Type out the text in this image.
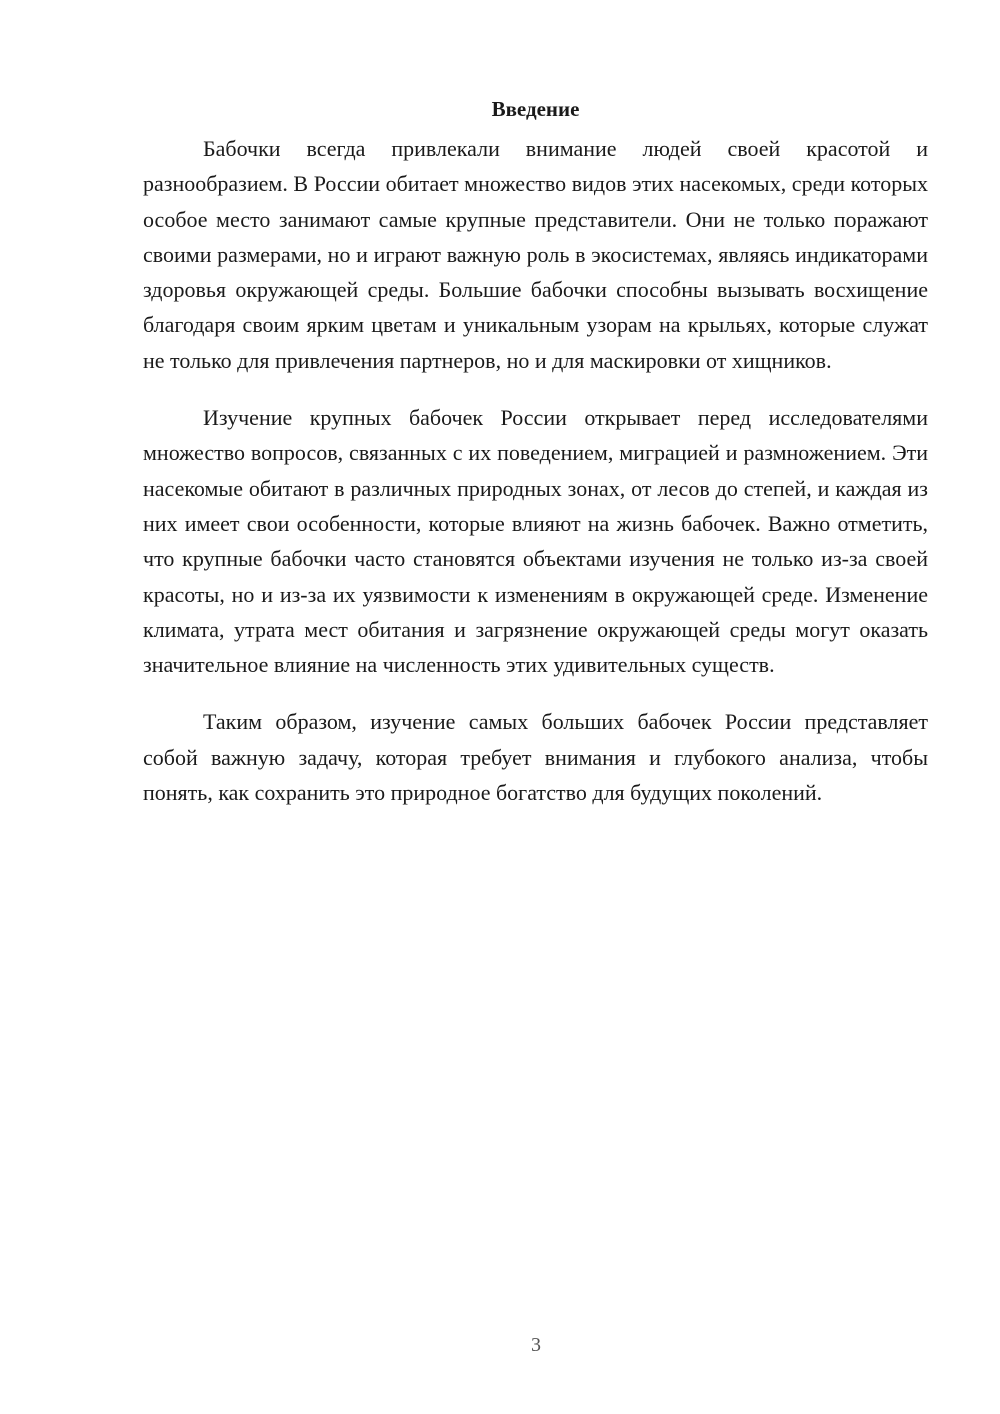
Введение

Бабочки всегда привлекали внимание людей своей красотой и разнообразием. В России обитает множество видов этих насекомых, среди которых особое место занимают самые крупные представители. Они не только поражают своими размерами, но и играют важную роль в экосистемах, являясь индикаторами здоровья окружающей среды. Большие бабочки способны вызывать восхищение благодаря своим ярким цветам и уникальным узорам на крыльях, которые служат не только для привлечения партнеров, но и для маскировки от хищников.

Изучение крупных бабочек России открывает перед исследователями множество вопросов, связанных с их поведением, миграцией и размножением. Эти насекомые обитают в различных природных зонах, от лесов до степей, и каждая из них имеет свои особенности, которые влияют на жизнь бабочек. Важно отметить, что крупные бабочки часто становятся объектами изучения не только из-за своей красоты, но и из-за их уязвимости к изменениям в окружающей среде. Изменение климата, утрата мест обитания и загрязнение окружающей среды могут оказать значительное влияние на численность этих удивительных существ.

Таким образом, изучение самых больших бабочек России представляет собой важную задачу, которая требует внимания и глубокого анализа, чтобы понять, как сохранить это природное богатство для будущих поколений.

3
